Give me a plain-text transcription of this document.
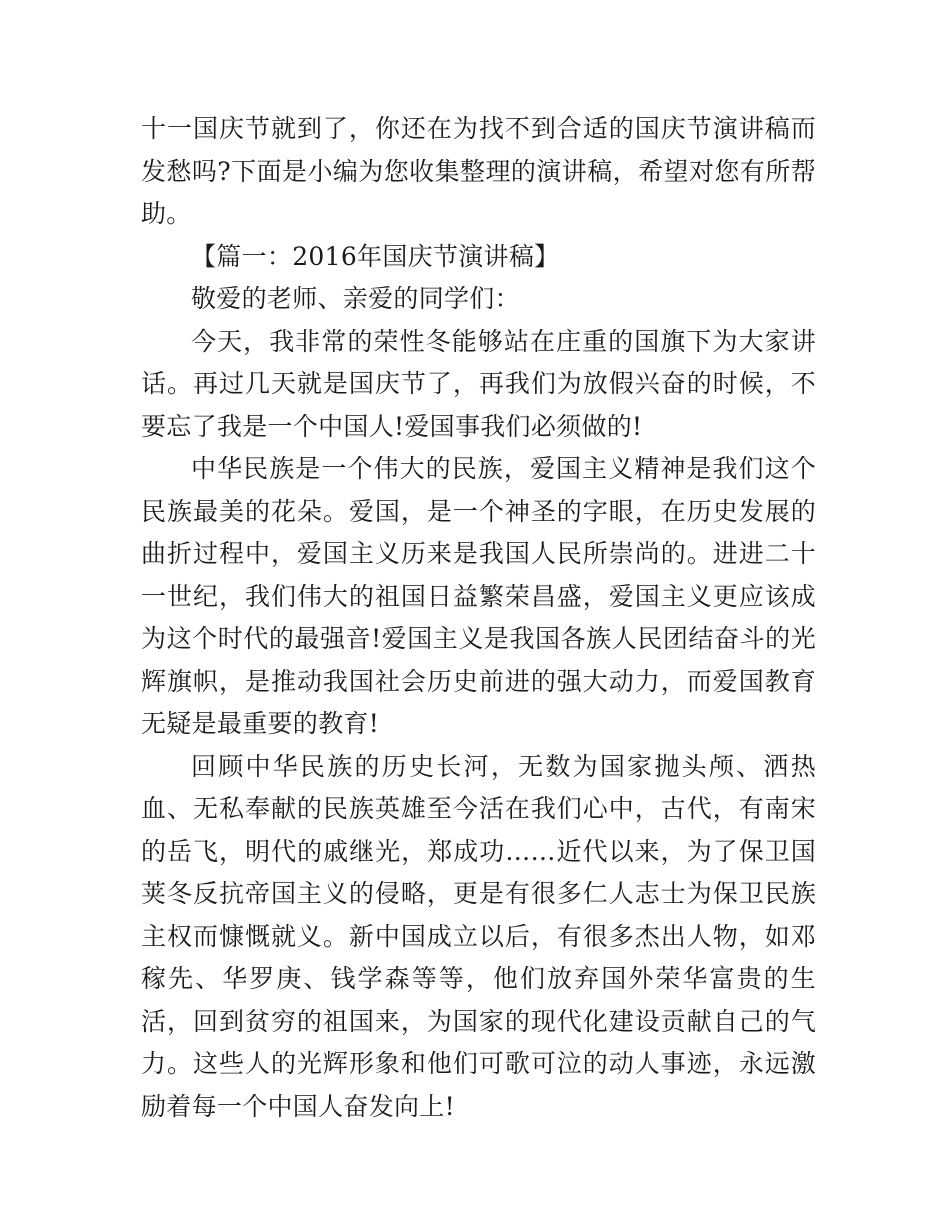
十一国庆节就到了，你还在为找不到合适的国庆节演讲稿而发愁吗?下面是小编为您收集整理的演讲稿，希望对您有所帮助。

【篇一：2016年国庆节演讲稿】

敬爱的老师、亲爱的同学们：

今天，我非常的荣性冬能够站在庄重的国旗下为大家讲话。再过几天就是国庆节了，再我们为放假兴奋的时候，不要忘了我是一个中国人!爱国事我们必须做的!

中华民族是一个伟大的民族，爱国主义精神是我们这个民族最美的花朵。爱国，是一个神圣的字眼，在历史发展的曲折过程中，爱国主义历来是我国人民所崇尚的。进进二十一世纪，我们伟大的祖国日益繁荣昌盛，爱国主义更应该成为这个时代的最强音!爱国主义是我国各族人民团结奋斗的光辉旗帜，是推动我国社会历史前进的强大动力，而爱国教育无疑是最重要的教育!

回顾中华民族的历史长河，无数为国家抛头颅、洒热血、无私奉献的民族英雄至今活在我们心中，古代，有南宋的岳飞，明代的戚继光，郑成功……近代以来，为了保卫国荚冬反抗帝国主义的侵略，更是有很多仁人志士为保卫民族主权而慷慨就义。新中国成立以后，有很多杰出人物，如邓稼先、华罗庚、钱学森等等，他们放弃国外荣华富贵的生活，回到贫穷的祖国来，为国家的现代化建设贡献自己的气力。这些人的光辉形象和他们可歌可泣的动人事迹，永远激励着每一个中国人奋发向上!
